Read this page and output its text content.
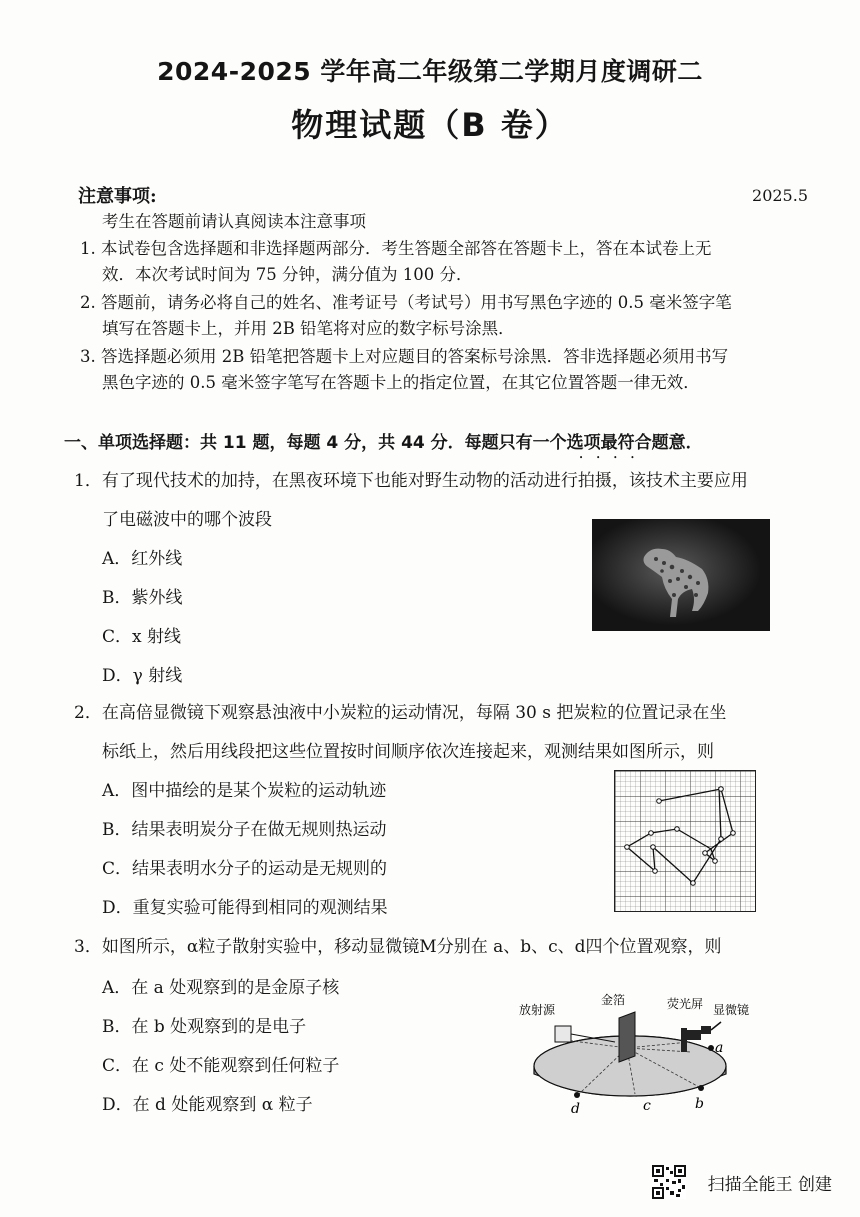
2024-2025 学年高二年级第二学期月度调研二
物理试题（B 卷）
注意事项:	2025.5
考生在答题前请认真阅读本注意事项
1. 本试卷包含选择题和非选择题两部分．考生答题全部答在答题卡上，答在本试卷上无
效．本次考试时间为 75 分钟，满分值为 100 分．
2. 答题前，请务必将自己的姓名、准考证号（考试号）用书写黑色字迹的 0.5 毫米签字笔
填写在答题卡上，并用 2B 铅笔将对应的数字标号涂黑．
3. 答选择题必须用 2B 铅笔把答题卡上对应题目的答案标号涂黑．答非选择题必须用书写
黑色字迹的 0.5 毫米签字笔写在答题卡上的指定位置，在其它位置答题一律无效．
一、单项选择题：共 11 题，每题 4 分，共 44 分．每题只有一个选项最符合题意．
••••
1．有了现代技术的加持，在黑夜环境下也能对野生动物的活动进行拍摄，该技术主要应用
了电磁波中的哪个波段
A．红外线
B．紫外线
C．x 射线
D．γ 射线
2．在高倍显微镜下观察悬浊液中小炭粒的运动情况，每隔 30 s 把炭粒的位置记录在坐
标纸上，然后用线段把这些位置按时间顺序依次连接起来，观测结果如图所示，则
A．图中描绘的是某个炭粒的运动轨迹
B．结果表明炭分子在做无规则热运动
C．结果表明水分子的运动是无规则的
D．重复实验可能得到相同的观测结果
3．如图所示，α粒子散射实验中，移动显微镜M分别在 a、b、c、d四个位置观察，则
A．在 a 处观察到的是金原子核
B．在 b 处观察到的是电子
C．在 c 处不能观察到任何粒子
D．在 d 处能观察到 α 粒子
放射源
金箔	荧光屏 显微镜
a
b
c
d
扫描全能王 创建
